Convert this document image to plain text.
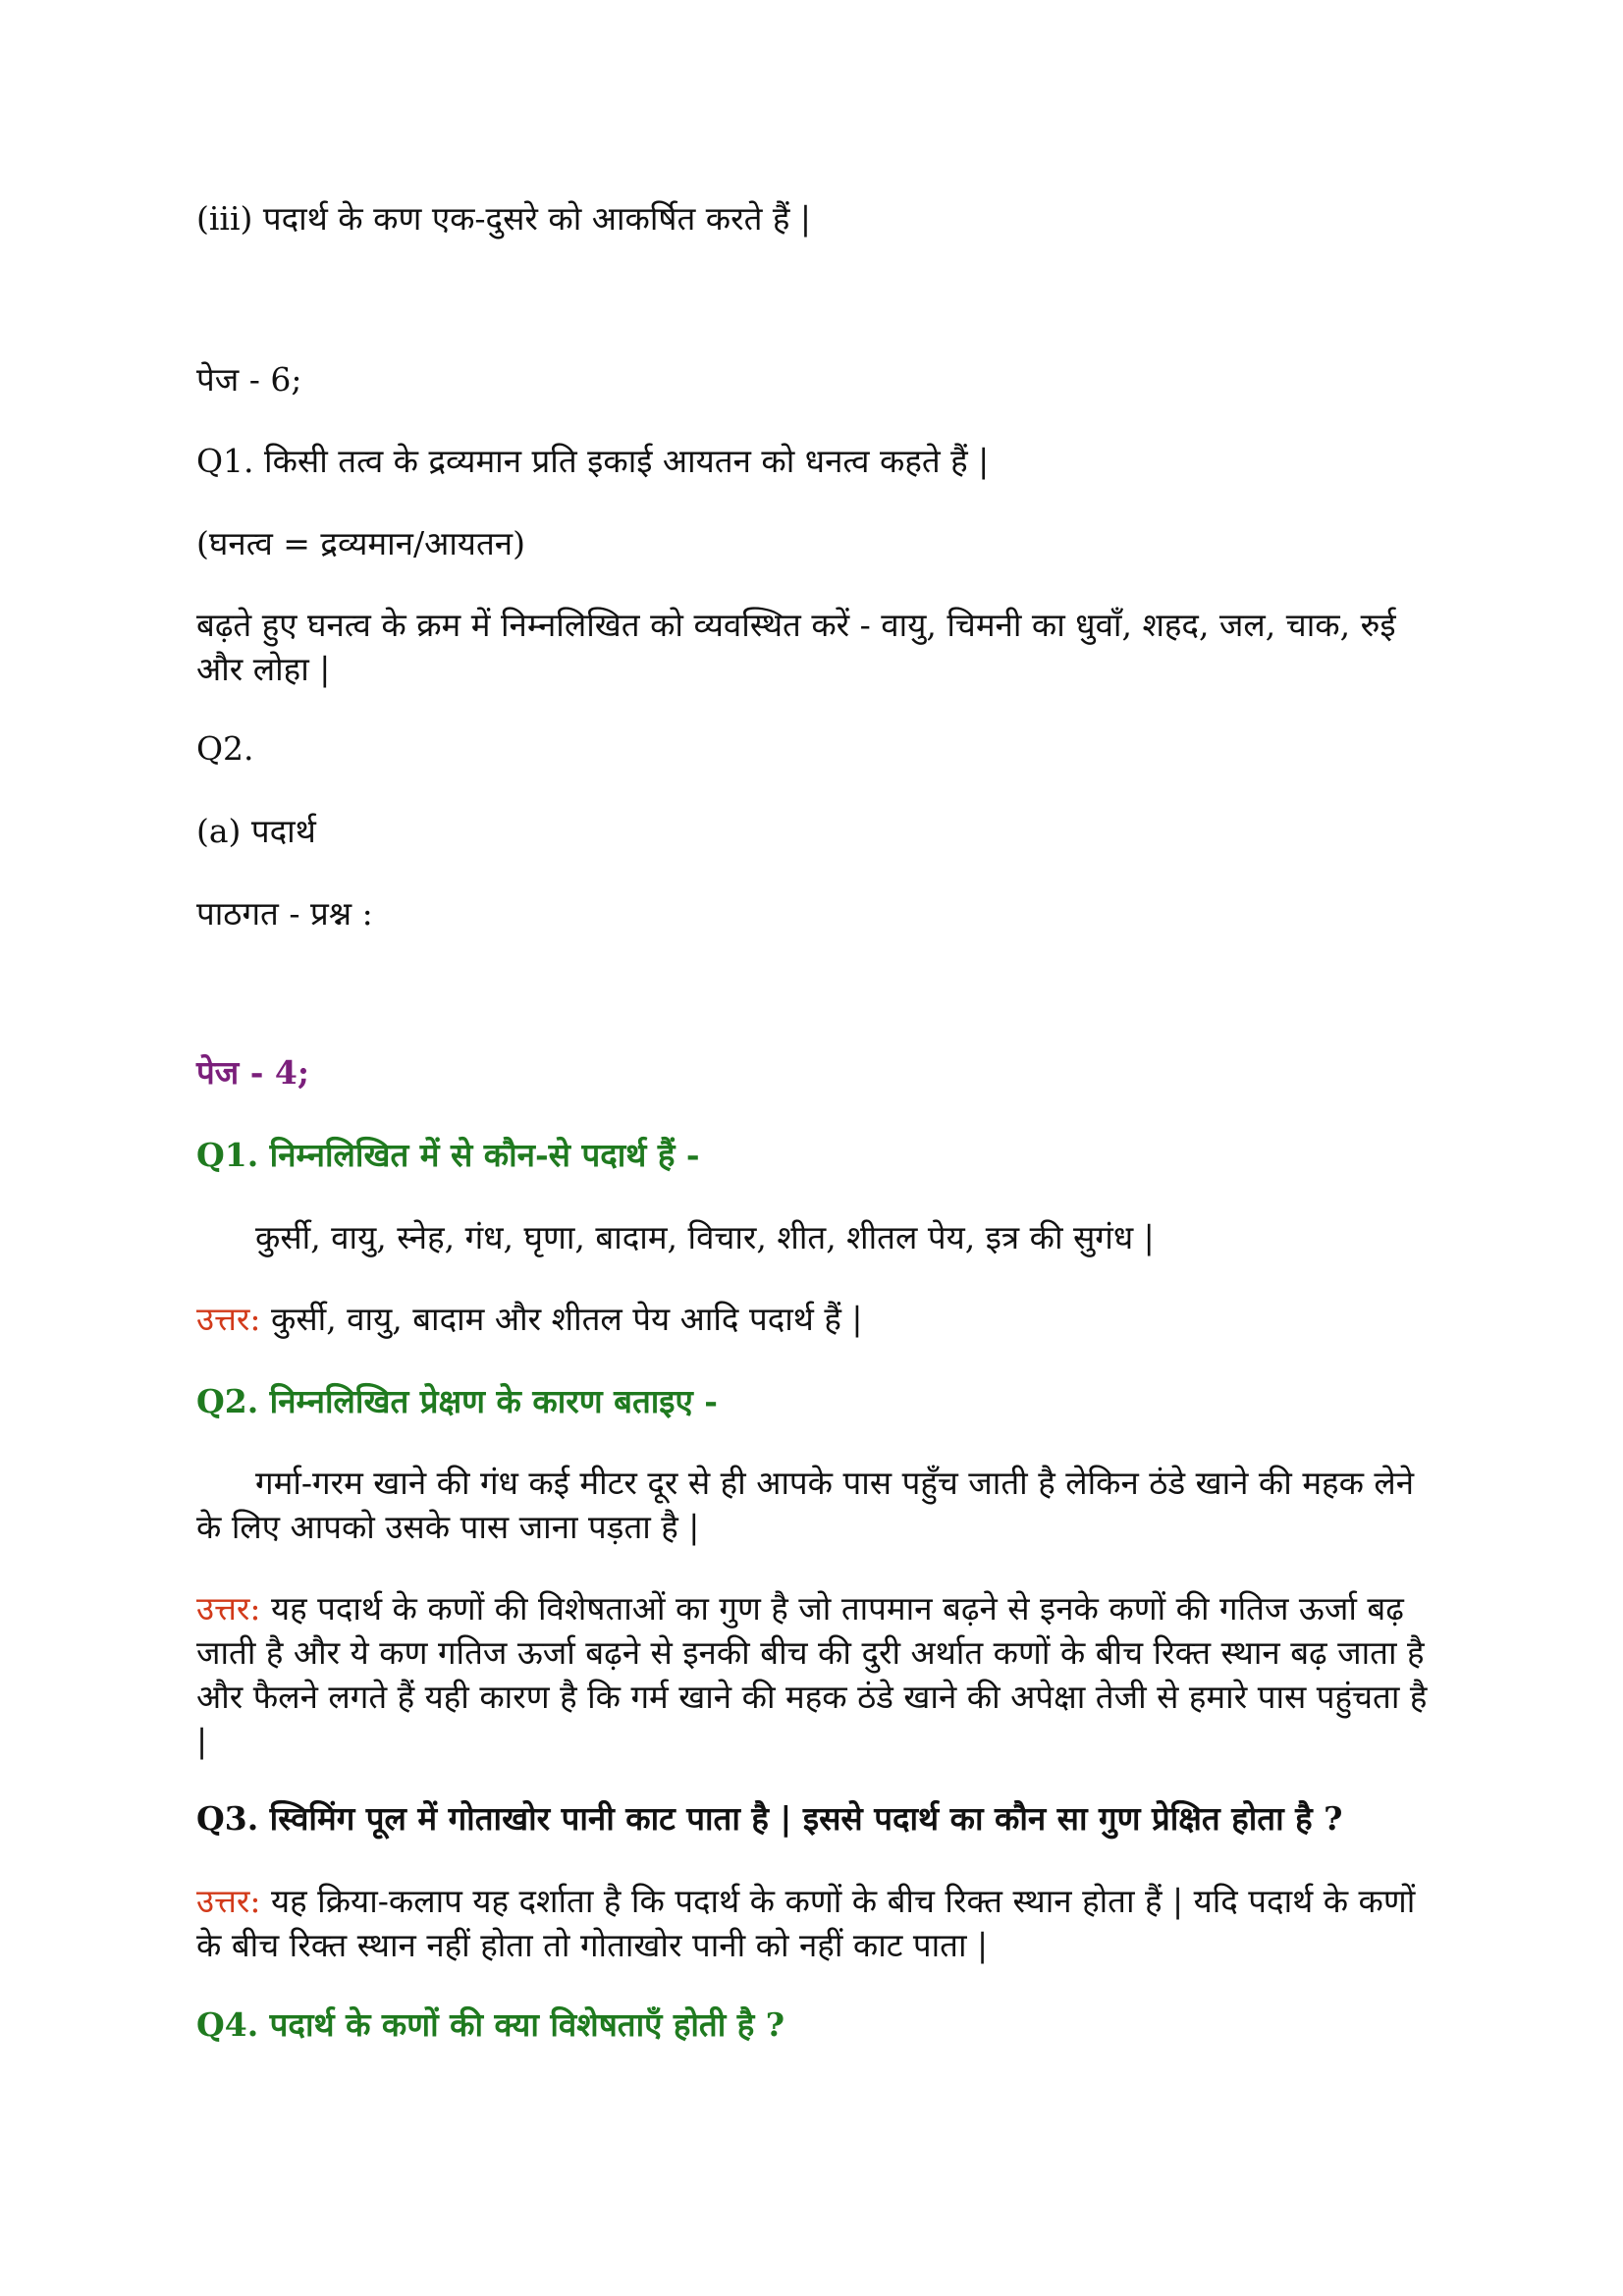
(iii) पदार्थ के कण एक-दुसरे को आकर्षित करते हैं |
पेज - 6;
Q1. किसी तत्व के द्रव्यमान प्रति इकाई आयतन को धनत्व कहते हैं |
(घनत्व = द्रव्यमान/आयतन)
बढ़ते हुए घनत्व के क्रम में निम्नलिखित को व्यवस्थित करें - वायु, चिमनी का धुवाँ, शहद, जल, चाक, रुई और लोहा |
Q2.
(a) पदार्थ
पाठगत - प्रश्न :
पेज - 4;
Q1. निम्नलिखित में से कौन-से पदार्थ हैं -
कुर्सी, वायु, स्नेह, गंध, घृणा, बादाम, विचार, शीत, शीतल पेय, इत्र की सुगंध |
उत्तर: कुर्सी, वायु, बादाम और शीतल पेय आदि पदार्थ हैं |
Q2. निम्नलिखित प्रेक्षण के कारण बताइए -
गर्मा-गरम खाने की गंध कई मीटर दूर से ही आपके पास पहुँच जाती है लेकिन ठंडे खाने की महक लेने के लिए आपको उसके पास जाना पड़ता है |
उत्तर: यह पदार्थ के कणों की विशेषताओं का गुण है जो तापमान बढ़ने से इनके कणों की गतिज ऊर्जा बढ़ जाती है और ये कण गतिज ऊर्जा बढ़ने से इनकी बीच की दुरी अर्थात कणों के बीच रिक्त स्थान बढ़ जाता है और फैलने लगते हैं यही कारण है कि गर्म खाने की महक ठंडे खाने की अपेक्षा तेजी से हमारे पास पहुंचता है |
Q3. स्विमिंग पूल में गोताखोर पानी काट पाता है | इससे पदार्थ का कौन सा गुण प्रेक्षित होता है ?
उत्तर: यह क्रिया-कलाप यह दर्शाता है कि पदार्थ के कणों के बीच रिक्त स्थान होता हैं | यदि पदार्थ के कणों के बीच रिक्त स्थान नहीं होता तो गोताखोर पानी को नहीं काट पाता |
Q4. पदार्थ के कणों की क्या विशेषताएँ होती है ?
